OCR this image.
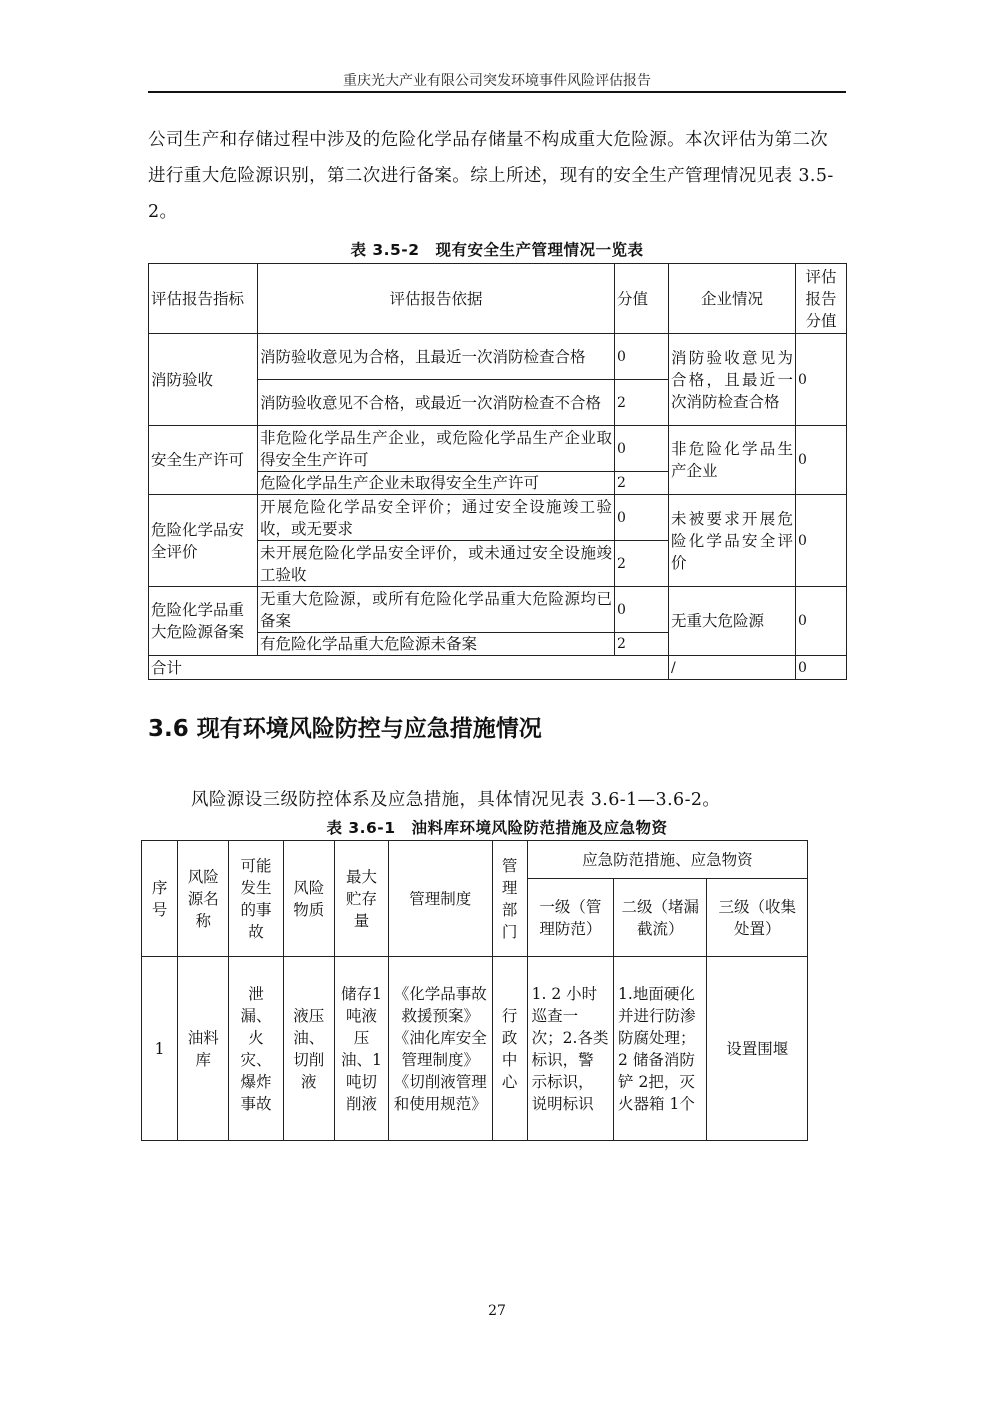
重庆光大产业有限公司突发环境事件风险评估报告
公司生产和存储过程中涉及的危险化学品存储量不构成重大危险源。本次评估为第二次进行重大危险源识别，第二次进行备案。综上所述，现有的安全生产管理情况见表 3.5-2。
表 3.5-2　现有安全生产管理情况一览表
评估报告指标	评估报告依据	分值	企业情况	评估报告分值
消防验收	消防验收意见为合格，且最近一次消防检查合格	0	消防验收意见为合格，且最近一次消防检查合格	0
	消防验收意见不合格，或最近一次消防检查不合格	2		
安全生产许可	非危险化学品生产企业，或危险化学品生产企业取得安全生产许可	0	非危险化学品生产企业	0
	危险化学品生产企业未取得安全生产许可	2		
危险化学品安全评价	开展危险化学品安全评价；通过安全设施竣工验收，或无要求	0	未被要求开展危险化学品安全评价	0
	未开展危险化学品安全评价，或未通过安全设施竣工验收	2		
危险化学品重大危险源备案	无重大危险源，或所有危险化学品重大危险源均已备案	0	无重大危险源	0
	有危险化学品重大危险源未备案	2		
合计			/	0
3.6 现有环境风险防控与应急措施情况
风险源设三级防控体系及应急措施，具体情况见表 3.6-1—3.6-2。
表 3.6-1　油料库环境风险防范措施及应急物资
序号	风险源名称	可能发生的事故	风险物质	最大贮存量	管理制度	管理部门	应急防范措施、应急物资		
							一级（管理防范）	二级（堵漏截流）	三级（收集处置）
1	油料库	泄漏、火灾、爆炸事故	液压油、切削液	储存1吨液压油、1吨切削液	《化学品事故救援预案》《油化库安全管理制度》《切削液管理和使用规范》	行政中心	1. 2 小时巡查一次；2.各类标识，警示标识，说明标识	1.地面硬化并进行防渗防腐处理；2 储备消防铲 2把，灭火器箱 1个	设置围堰
27
